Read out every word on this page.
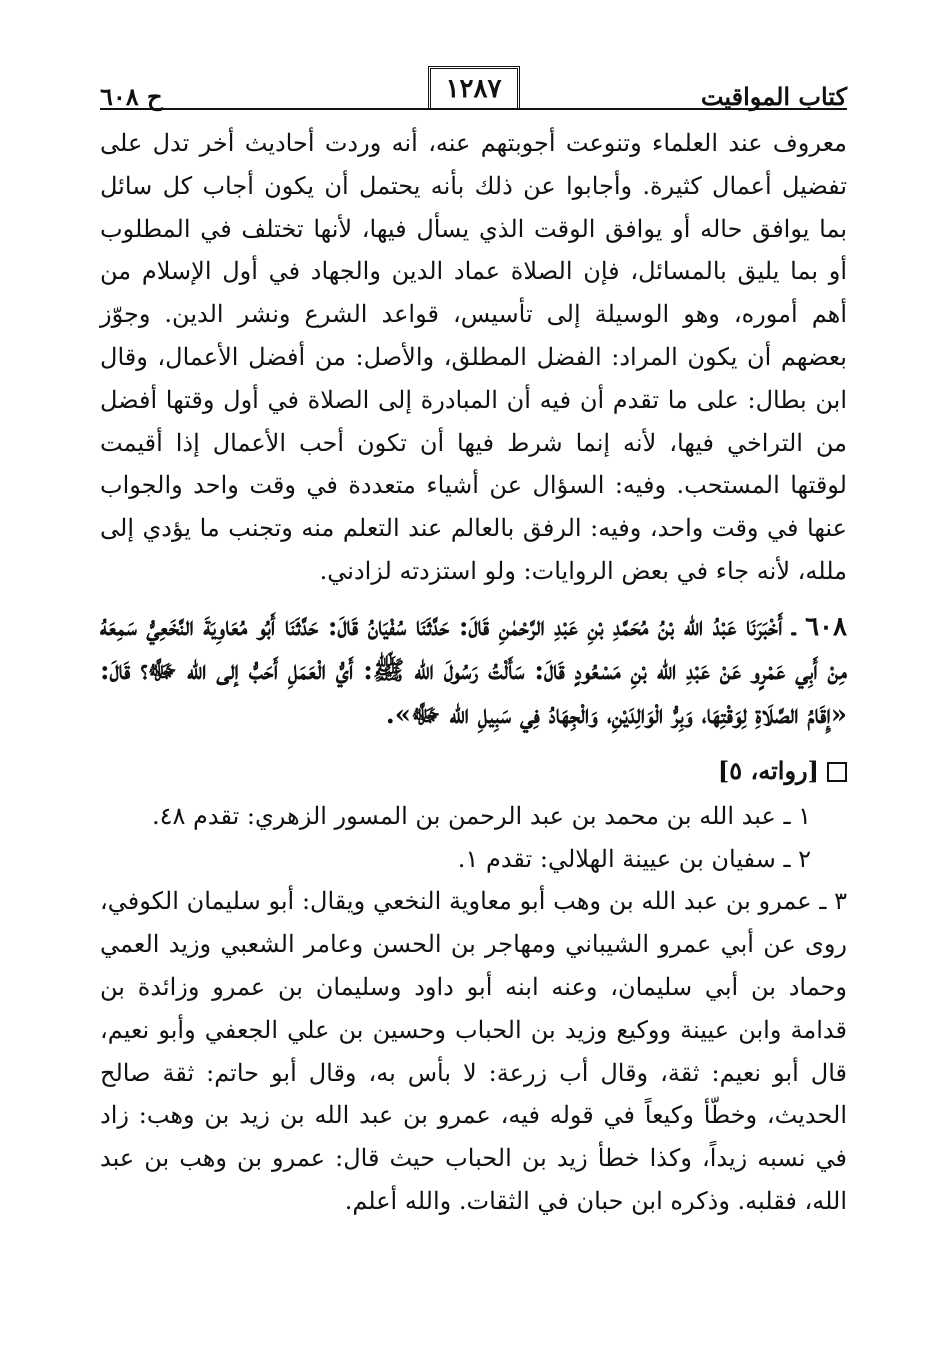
كتاب المواقيت
١٢٨٧
ح ٦٠٨

معروف عند العلماء وتنوعت أجوبتهم عنه، أنه وردت أحاديث أخر تدل على تفضيل أعمال كثيرة. وأجابوا عن ذلك بأنه يحتمل أن يكون أجاب كل سائل بما يوافق حاله أو يوافق الوقت الذي يسأل فيها، لأنها تختلف في المطلوب أو بما يليق بالمسائل، فإن الصلاة عماد الدين والجهاد في أول الإسلام من أهم أموره، وهو الوسيلة إلى تأسيس، قواعد الشرع ونشر الدين. وجوّز بعضهم أن يكون المراد: الفضل المطلق، والأصل: من أفضل الأعمال، وقال ابن بطال: على ما تقدم أن فيه أن المبادرة إلى الصلاة في أول وقتها أفضل من التراخي فيها، لأنه إنما شرط فيها أن تكون أحب الأعمال إذا أقيمت لوقتها المستحب. وفيه: السؤال عن أشياء متعددة في وقت واحد والجواب عنها في وقت واحد، وفيه: الرفق بالعالم عند التعلم منه وتجنب ما يؤدي إلى ملله، لأنه جاء في بعض الروايات: ولو استزدته لزادني.

٦٠٨ ـ أَخْبَرَنَا عَبْدُ الله بْنُ مُحَمَّدِ بْنِ عَبْدِ الرَّحْمٰنِ قَالَ: حَدَّثَنَا سُفْيَانُ قَالَ: حَدَّثَنَا أَبُو مُعَاوِيَةَ النَّخَعِيُّ سَمِعَهُ مِنْ أَبِي عَمْرٍو عَنْ عَبْدِ الله بْنِ مَسْعُودٍ قَالَ: سَأَلْتُ رَسُولَ الله ﷺ: أَيُّ الْعَمَلِ أَحَبُّ إلى الله ﷻ؟ قَالَ: «إِقَامُ الصَّلَاةِ لِوَقْتِهَا، وَبِرُّ الْوَالِدَيْنِ، وَالْجِهَادُ فِي سَبِيلِ الله ﷻ».

[رواته، ٥]

١ ـ عبد الله بن محمد بن عبد الرحمن بن المسور الزهري: تقدم ٤٨.

٢ ـ سفيان بن عيينة الهلالي: تقدم ١.

٣ ـ عمرو بن عبد الله بن وهب أبو معاوية النخعي ويقال: أبو سليمان الكوفي، روى عن أبي عمرو الشيباني ومهاجر بن الحسن وعامر الشعبي وزيد العمي وحماد بن أبي سليمان، وعنه ابنه أبو داود وسليمان بن عمرو وزائدة بن قدامة وابن عيينة ووكيع وزيد بن الحباب وحسين بن علي الجعفي وأبو نعيم، قال أبو نعيم: ثقة، وقال أب زرعة: لا بأس به، وقال أبو حاتم: ثقة صالح الحديث، وخطّأ وكيعاً في قوله فيه، عمرو بن عبد الله بن زيد بن وهب: زاد في نسبه زيداً، وكذا خطأ زيد بن الحباب حيث قال: عمرو بن وهب بن عبد الله، فقلبه. وذكره ابن حبان في الثقات. والله أعلم.
